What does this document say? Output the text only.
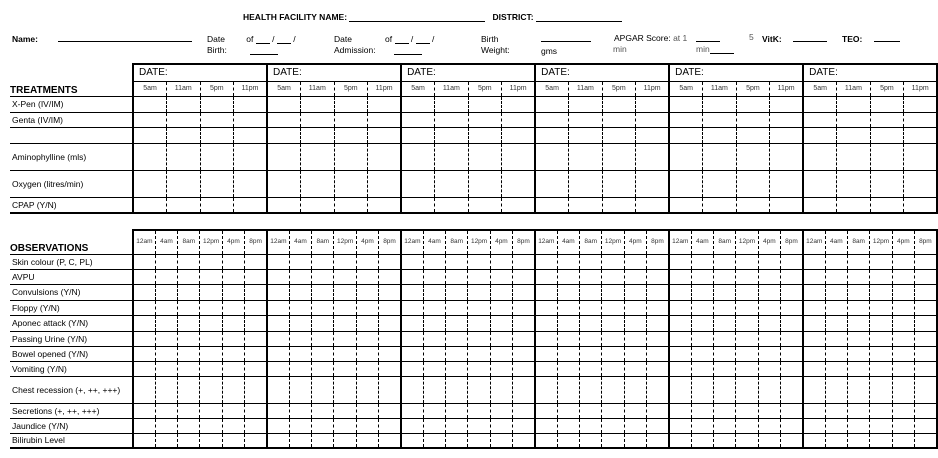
HEALTH FACILITY NAME:	DISTRICT:
Name:	Date	of / /
Birth:
Date	of / /
Admission:
Birth
Weight:	gms
APGAR Score: at 1
min
5
min
VitK:	TEO:
	DATE:				DATE:				DATE:				DATE:				DATE:				DATE:			
TREATMENTS	5am	11am	5pm	11pm	5am	11am	5pm	11pm	5am	11am	5pm	11pm	5am	11am	5pm	11pm	5am	11am	5pm	11pm	5am	11am	5pm	11pm
X-Pen (IV/IM)																								
Genta (IV/IM)																								

Aminophylline (mls)																								
Oxygen (litres/min)																								
CPAP (Y/N)																								
OBSERVATIONS	12am	4am	8am	12pm	4pm	8pm	12am	4am	8am	12pm	4pm	8pm	12am	4am	8am	12pm	4pm	8pm	12am	4am	8am	12pm	4pm	8pm	12am	4am	8am	12pm	4pm	8pm	12am	4am	8am	12pm	4pm	8pm
Skin colour (P, C, PL)																																				
AVPU																																				
Convulsions (Y/N)																																				
Floppy (Y/N)																																				
Aponec attack (Y/N)																																				
Passing Urine (Y/N)																																				
Bowel opened (Y/N)																																				
Vomiting (Y/N)																																				
Chest recession (+, ++, +++)																																				
Secretions (+, ++, +++)																																				
Jaundice (Y/N)																																				
Bilirubin Level																																				
